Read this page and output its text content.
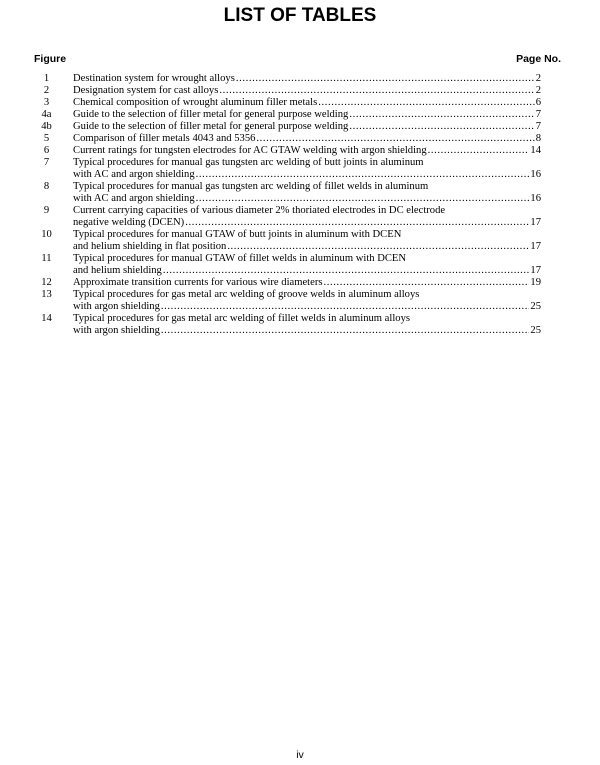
LIST OF TABLES
Figure	Page No.
1	Destination system for wrought alloys .....	2
2	Designation system for cast alloys .....	2
3	Chemical composition of wrought aluminum filler metals .....	6
4a	Guide to the selection of filler metal for general purpose welding .....	7
4b	Guide to the selection of filler metal for general purpose welding .....	7
5	Comparison of filler metals 4043 and 5356 .....	8
6	Current ratings for tungsten electrodes for AC GTAW welding with argon shielding .....	14
7	Typical procedures for manual gas tungsten arc welding of butt joints in aluminum
with AC and argon shielding .....	16
8	Typical procedures for manual gas tungsten arc welding of fillet welds in aluminum
with AC and argon shielding .....	16
9	Current carrying capacities of various diameter 2% thoriated electrodes in DC electrode
negative welding (DCEN) .....	17
10	Typical procedures for manual GTAW of butt joints in aluminum with DCEN
and helium shielding in flat position .....	17
11	Typical procedures for manual GTAW of fillet welds in aluminum with DCEN
and helium shielding .....	17
12	Approximate transition currents for various wire diameters .....	19
13	Typical procedures for gas metal arc welding of groove welds in aluminum alloys
with argon shielding .....	25
14	Typical procedures for gas metal arc welding of fillet welds in aluminum alloys
with argon shielding .....	25
iv
